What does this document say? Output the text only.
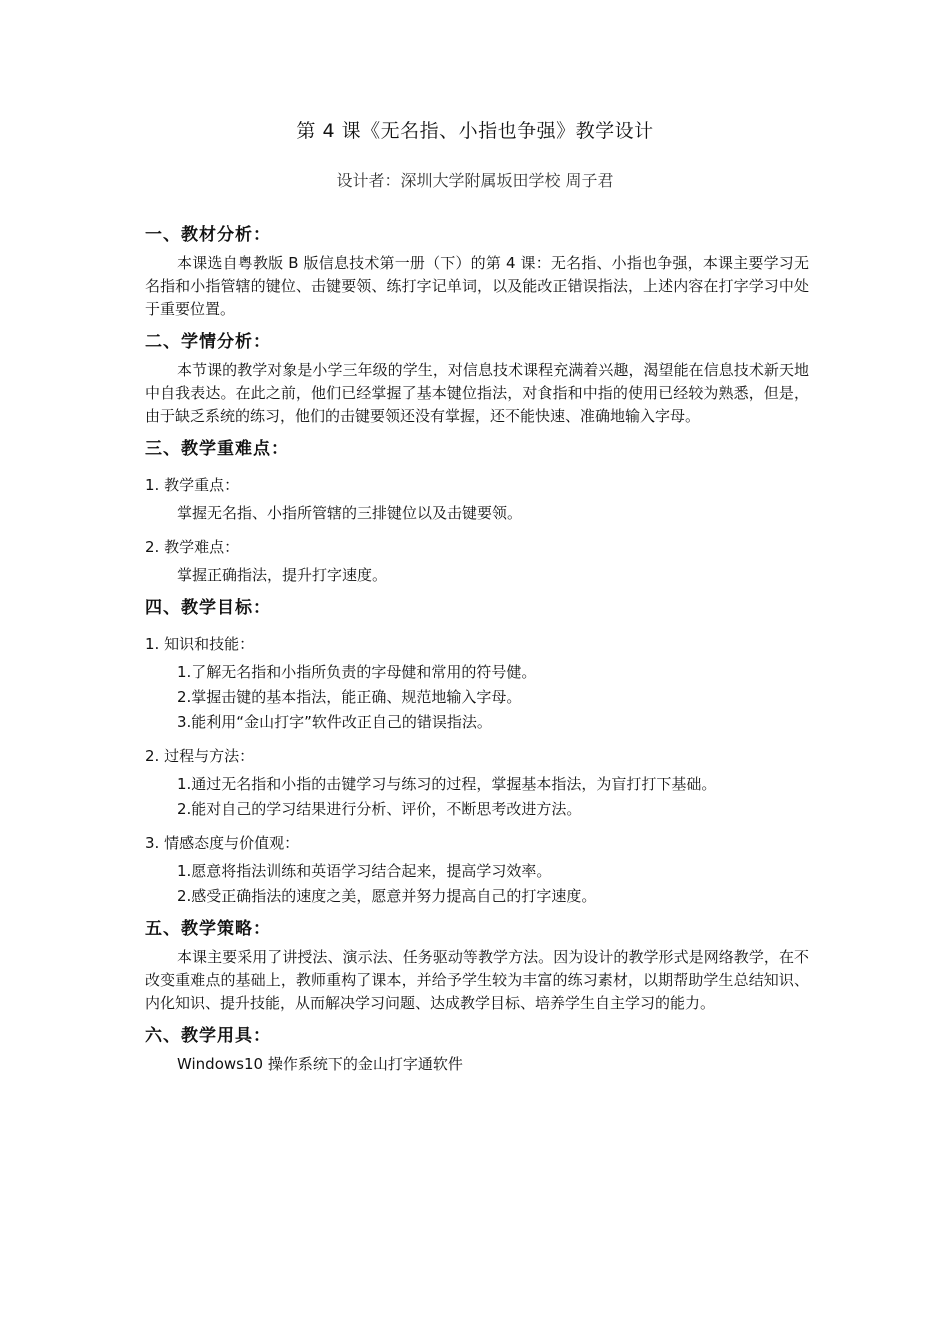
第 4 课《无名指、小指也争强》教学设计
设计者：深圳大学附属坂田学校 周子君
一、教材分析：

本课选自粤教版 B 版信息技术第一册（下）的第 4 课：无名指、小指也争强，本课主要学习无名指和小指管辖的键位、击键要领、练打字记单词，以及能改正错误指法，上述内容在打字学习中处于重要位置。

二、学情分析：

本节课的教学对象是小学三年级的学生，对信息技术课程充满着兴趣，渴望能在信息技术新天地中自我表达。在此之前，他们已经掌握了基本键位指法，对食指和中指的使用已经较为熟悉，但是，由于缺乏系统的练习，他们的击键要领还没有掌握，还不能快速、准确地输入字母。

三、教学重难点：
1. 教学重点：
掌握无名指、小指所管辖的三排键位以及击键要领。
2. 教学难点：
掌握正确指法，提升打字速度。
四、教学目标：
1. 知识和技能：
1.了解无名指和小指所负责的字母健和常用的符号健。
2.掌握击键的基本指法，能正确、规范地输入字母。
3.能利用“金山打字”软件改正自己的错误指法。
2. 过程与方法：
1.通过无名指和小指的击键学习与练习的过程，掌握基本指法，为盲打打下基础。
2.能对自己的学习结果进行分析、评价，不断思考改进方法。
3. 情感态度与价值观：
1.愿意将指法训练和英语学习结合起来，提高学习效率。
2.感受正确指法的速度之美，愿意并努力提高自己的打字速度。
五、教学策略：

本课主要采用了讲授法、演示法、任务驱动等教学方法。因为设计的教学形式是网络教学，在不改变重难点的基础上，教师重构了课本，并给予学生较为丰富的练习素材，以期帮助学生总结知识、内化知识、提升技能，从而解决学习问题、达成教学目标、培养学生自主学习的能力。

六、教学用具：
Windows10 操作系统下的金山打字通软件
